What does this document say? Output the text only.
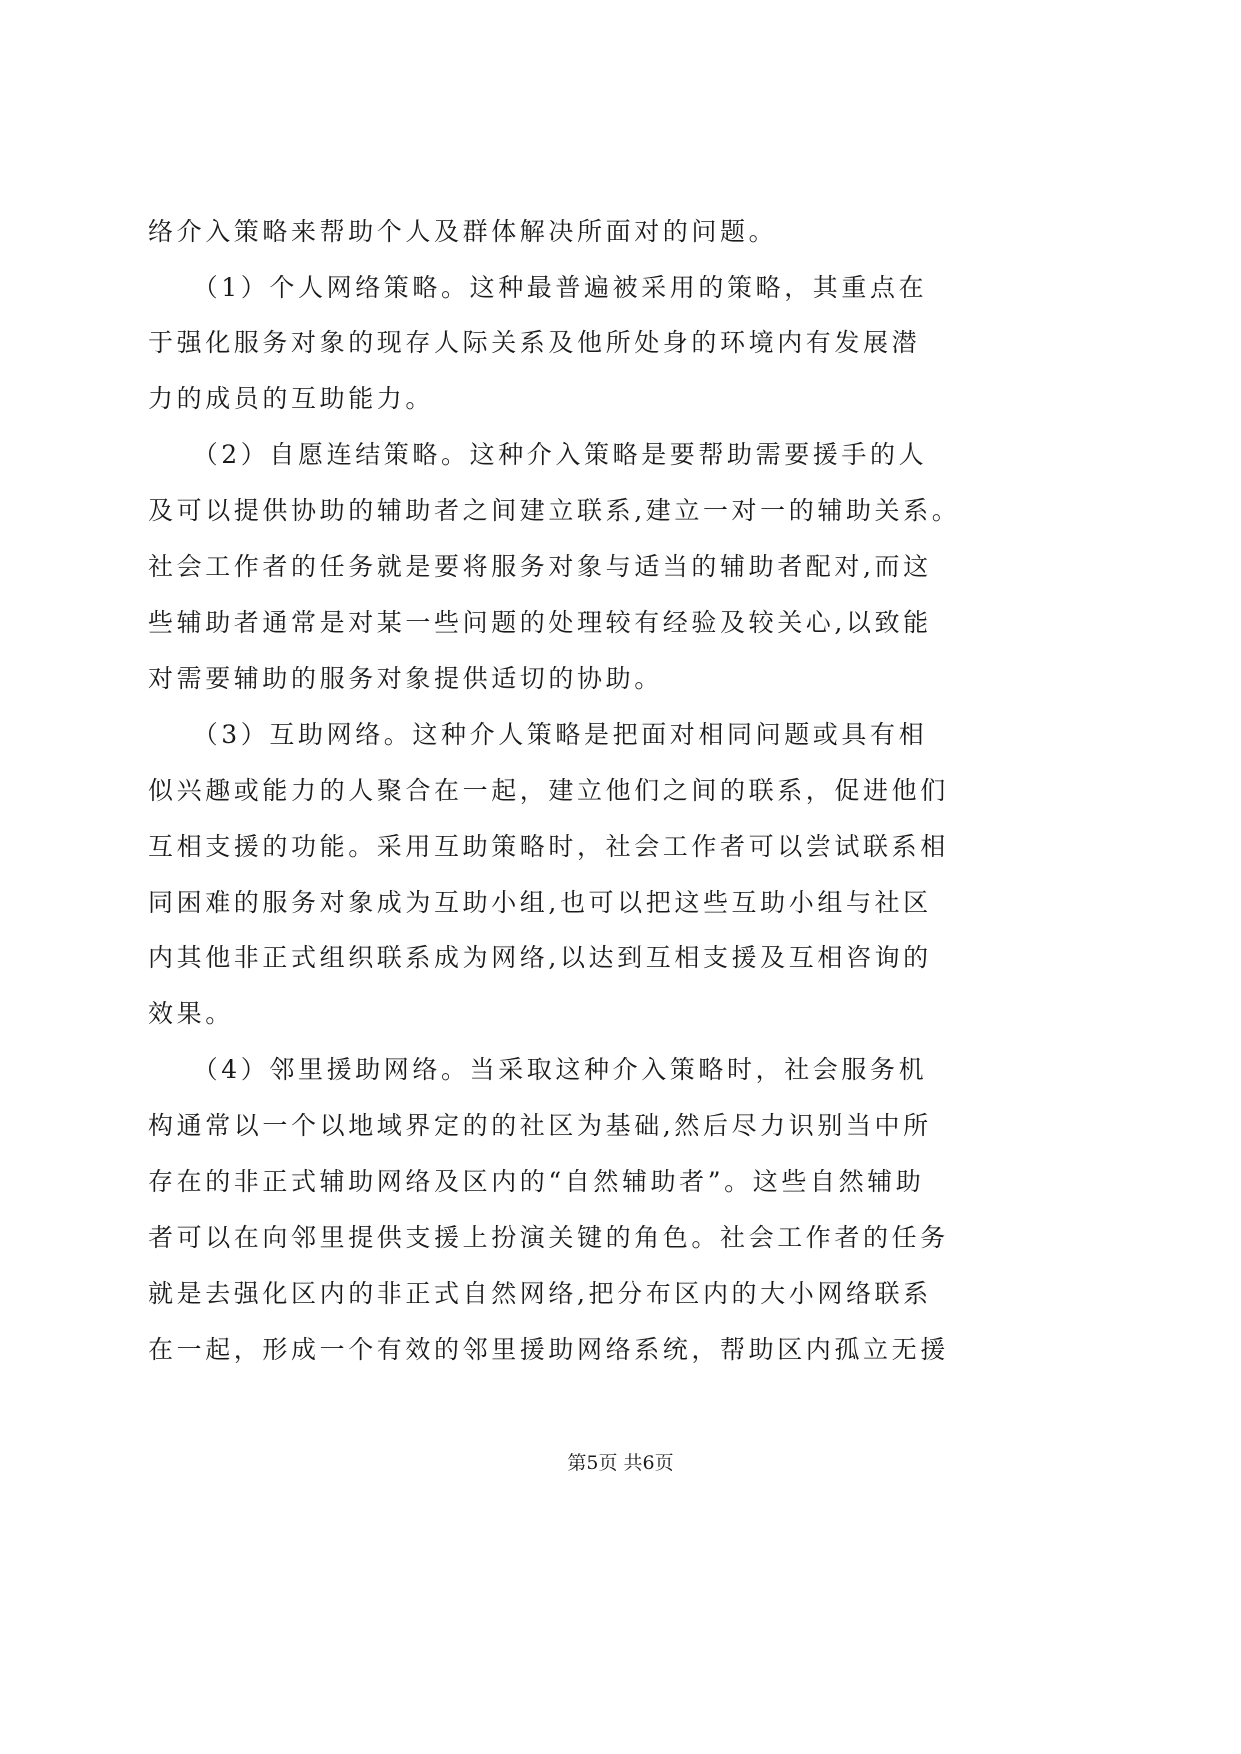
络介入策略来帮助个人及群体解决所面对的问题。
　　（1）个人网络策略。这种最普遍被采用的策略，其重点在
于强化服务对象的现存人际关系及他所处身的环境内有发展潜
力的成员的互助能力。
　　（2）自愿连结策略。这种介入策略是要帮助需要援手的人
及可以提供协助的辅助者之间建立联系,建立一对一的辅助关系。
社会工作者的任务就是要将服务对象与适当的辅助者配对,而这
些辅助者通常是对某一些问题的处理较有经验及较关心,以致能
对需要辅助的服务对象提供适切的协助。
　　（3）互助网络。这种介人策略是把面对相同问题或具有相
似兴趣或能力的人聚合在一起，建立他们之间的联系，促进他们
互相支援的功能。采用互助策略时，社会工作者可以尝试联系相
同困难的服务对象成为互助小组,也可以把这些互助小组与社区
内其他非正式组织联系成为网络,以达到互相支援及互相咨询的
效果。
　　（4）邻里援助网络。当采取这种介入策略时，社会服务机
构通常以一个以地域界定的的社区为基础,然后尽力识别当中所
存在的非正式辅助网络及区内的“自然辅助者”。这些自然辅助
者可以在向邻里提供支援上扮演关键的角色。社会工作者的任务
就是去强化区内的非正式自然网络,把分布区内的大小网络联系
在一起，形成一个有效的邻里援助网络系统，帮助区内孤立无援
第5页 共6页
